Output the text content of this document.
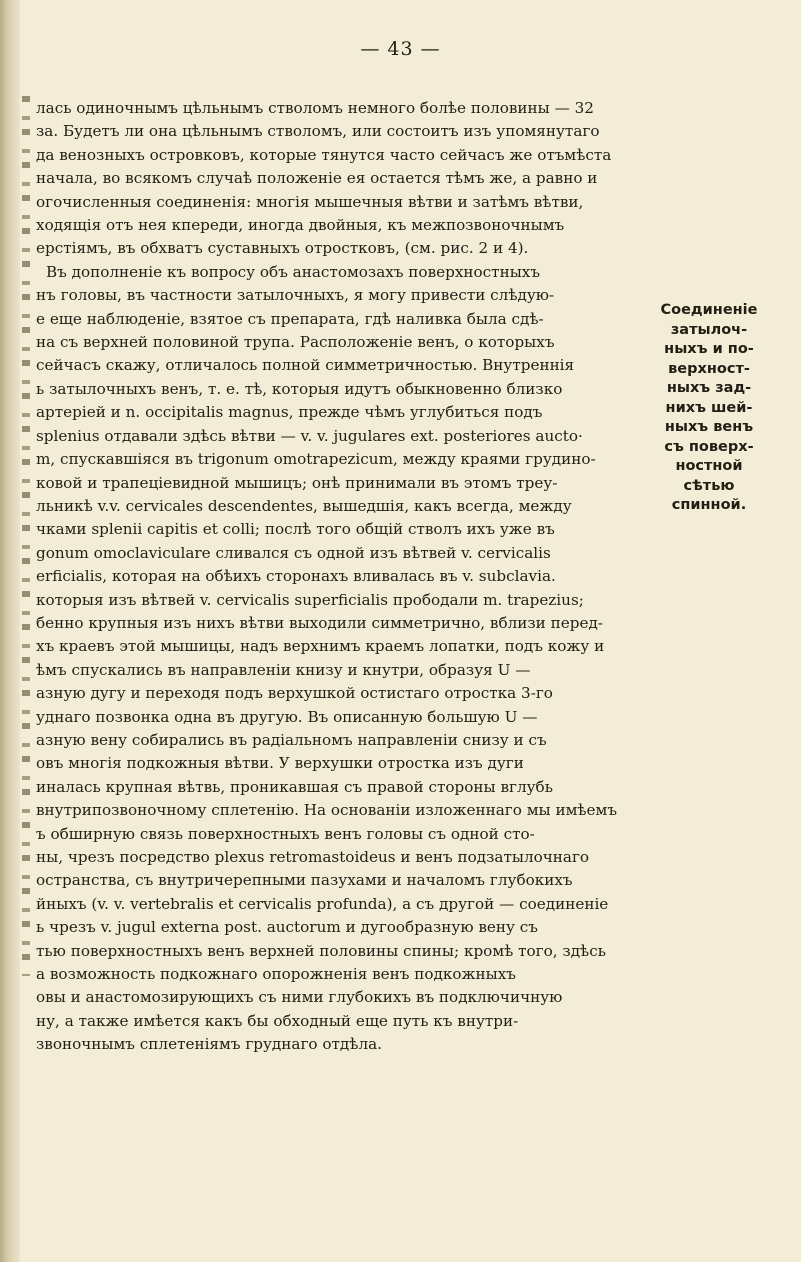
— 43 —
лась одиночнымъ цѣльнымъ стволомъ немного болѣе половины — 32
за. Будетъ ли она цѣльнымъ стволомъ, или состоитъ изъ упомянутаго
да венозныхъ островковъ, которые тянутся часто сейчасъ же отъмѣста
начала, во всякомъ случаѣ положеніе ея остается тѣмъ же, а равно и
огочисленныя соединенія: многія мышечныя вѣтви и затѣмъ вѣтви,
ходящія отъ нея кпереди, иногда двойныя, къ межпозвоночнымъ
ерстіямъ, въ обхватъ суставныхъ отростковъ, (см. рис. 2 и 4).
Въ дополненіе къ вопросу объ анастомозахъ поверхностныхъ
нъ головы, въ частности затылочныхъ, я могу привести слѣдую-
е еще наблюденіе, взятое съ препарата, гдѣ наливка была сдѣ-
на съ верхней половиной трупа. Расположеніе венъ, о которыхъ
сейчасъ скажу, отличалось полной симметричностью. Внутреннія
ь затылочныхъ венъ, т. е. тѣ, которыя идутъ обыкновенно близко
артеріей и n. occipitalis magnus, прежде чѣмъ углубиться подъ
splenius отдавали здѣсь вѣтви — v. v. jugulares ext. posteriores aucto·
m, спускавшіяся въ trigonum omotrapezicum, между краями грудино-
ковой и трапеціевидной мышицъ; онѣ принимали въ этомъ треу-
льникѣ v.v. cervicales descendentes, вышедшія, какъ всегда, между
чками splenii capitis et colli; послѣ того общій стволъ ихъ уже въ
gonum omoclaviculare сливался съ одной изъ вѣтвей v. cervicalis
erficialis, которая на обѣихъ сторонахъ вливалась въ v. subclavia.
которыя изъ вѣтвей v. cervicalis superficialis прободали m. trapezius;
бенно крупныя изъ нихъ вѣтви выходили симметрично, вблизи перед-
хъ краевъ этой мышицы, надъ верхнимъ краемъ лопатки, подъ кожу и
ѣмъ спускались въ направленіи книзу и кнутри, образуя U —
азную дугу и переходя подъ верхушкой остистаго отростка 3-го
уднаго позвонка одна въ другую. Въ описанную большую U —
азную вену собирались въ радіальномъ направленіи снизу и съ
овъ многія подкожныя вѣтви. У верхушки отростка изъ дуги
иналась крупная вѣтвь, проникавшая съ правой стороны вглубь
внутрипозвоночному сплетенію. На основаніи изложеннаго мы имѣемъ
ъ обширную связь поверхностныхъ венъ головы съ одной сто-
ны, чрезъ посредство plexus retromastoideus и венъ подзатылочнаго
остранства, съ внутричерепными пазухами и началомъ глубокихъ
йныхъ (v. v. vertebralis et cervicalis profunda), а съ другой — соединеніе
ь чрезъ v. jugul externa post. auctorum и дугообразную вену съ
тью поверхностныхъ венъ верхней половины спины; кромѣ того, здѣсь
а возможность подкожнаго опорожненія венъ подкожныхъ
овы и анастомозирующихъ съ ними глубокихъ въ подключичную
ну, а также имѣется какъ бы обходный еще путь къ внутри-
звоночнымъ сплетеніямъ груднаго отдѣла.
Соединеніе
затылоч-
ныхъ и по-
верхност-
ныхъ зад-
нихъ шей-
ныхъ венъ
съ поверх-
ностной
сѣтью
спинной.
